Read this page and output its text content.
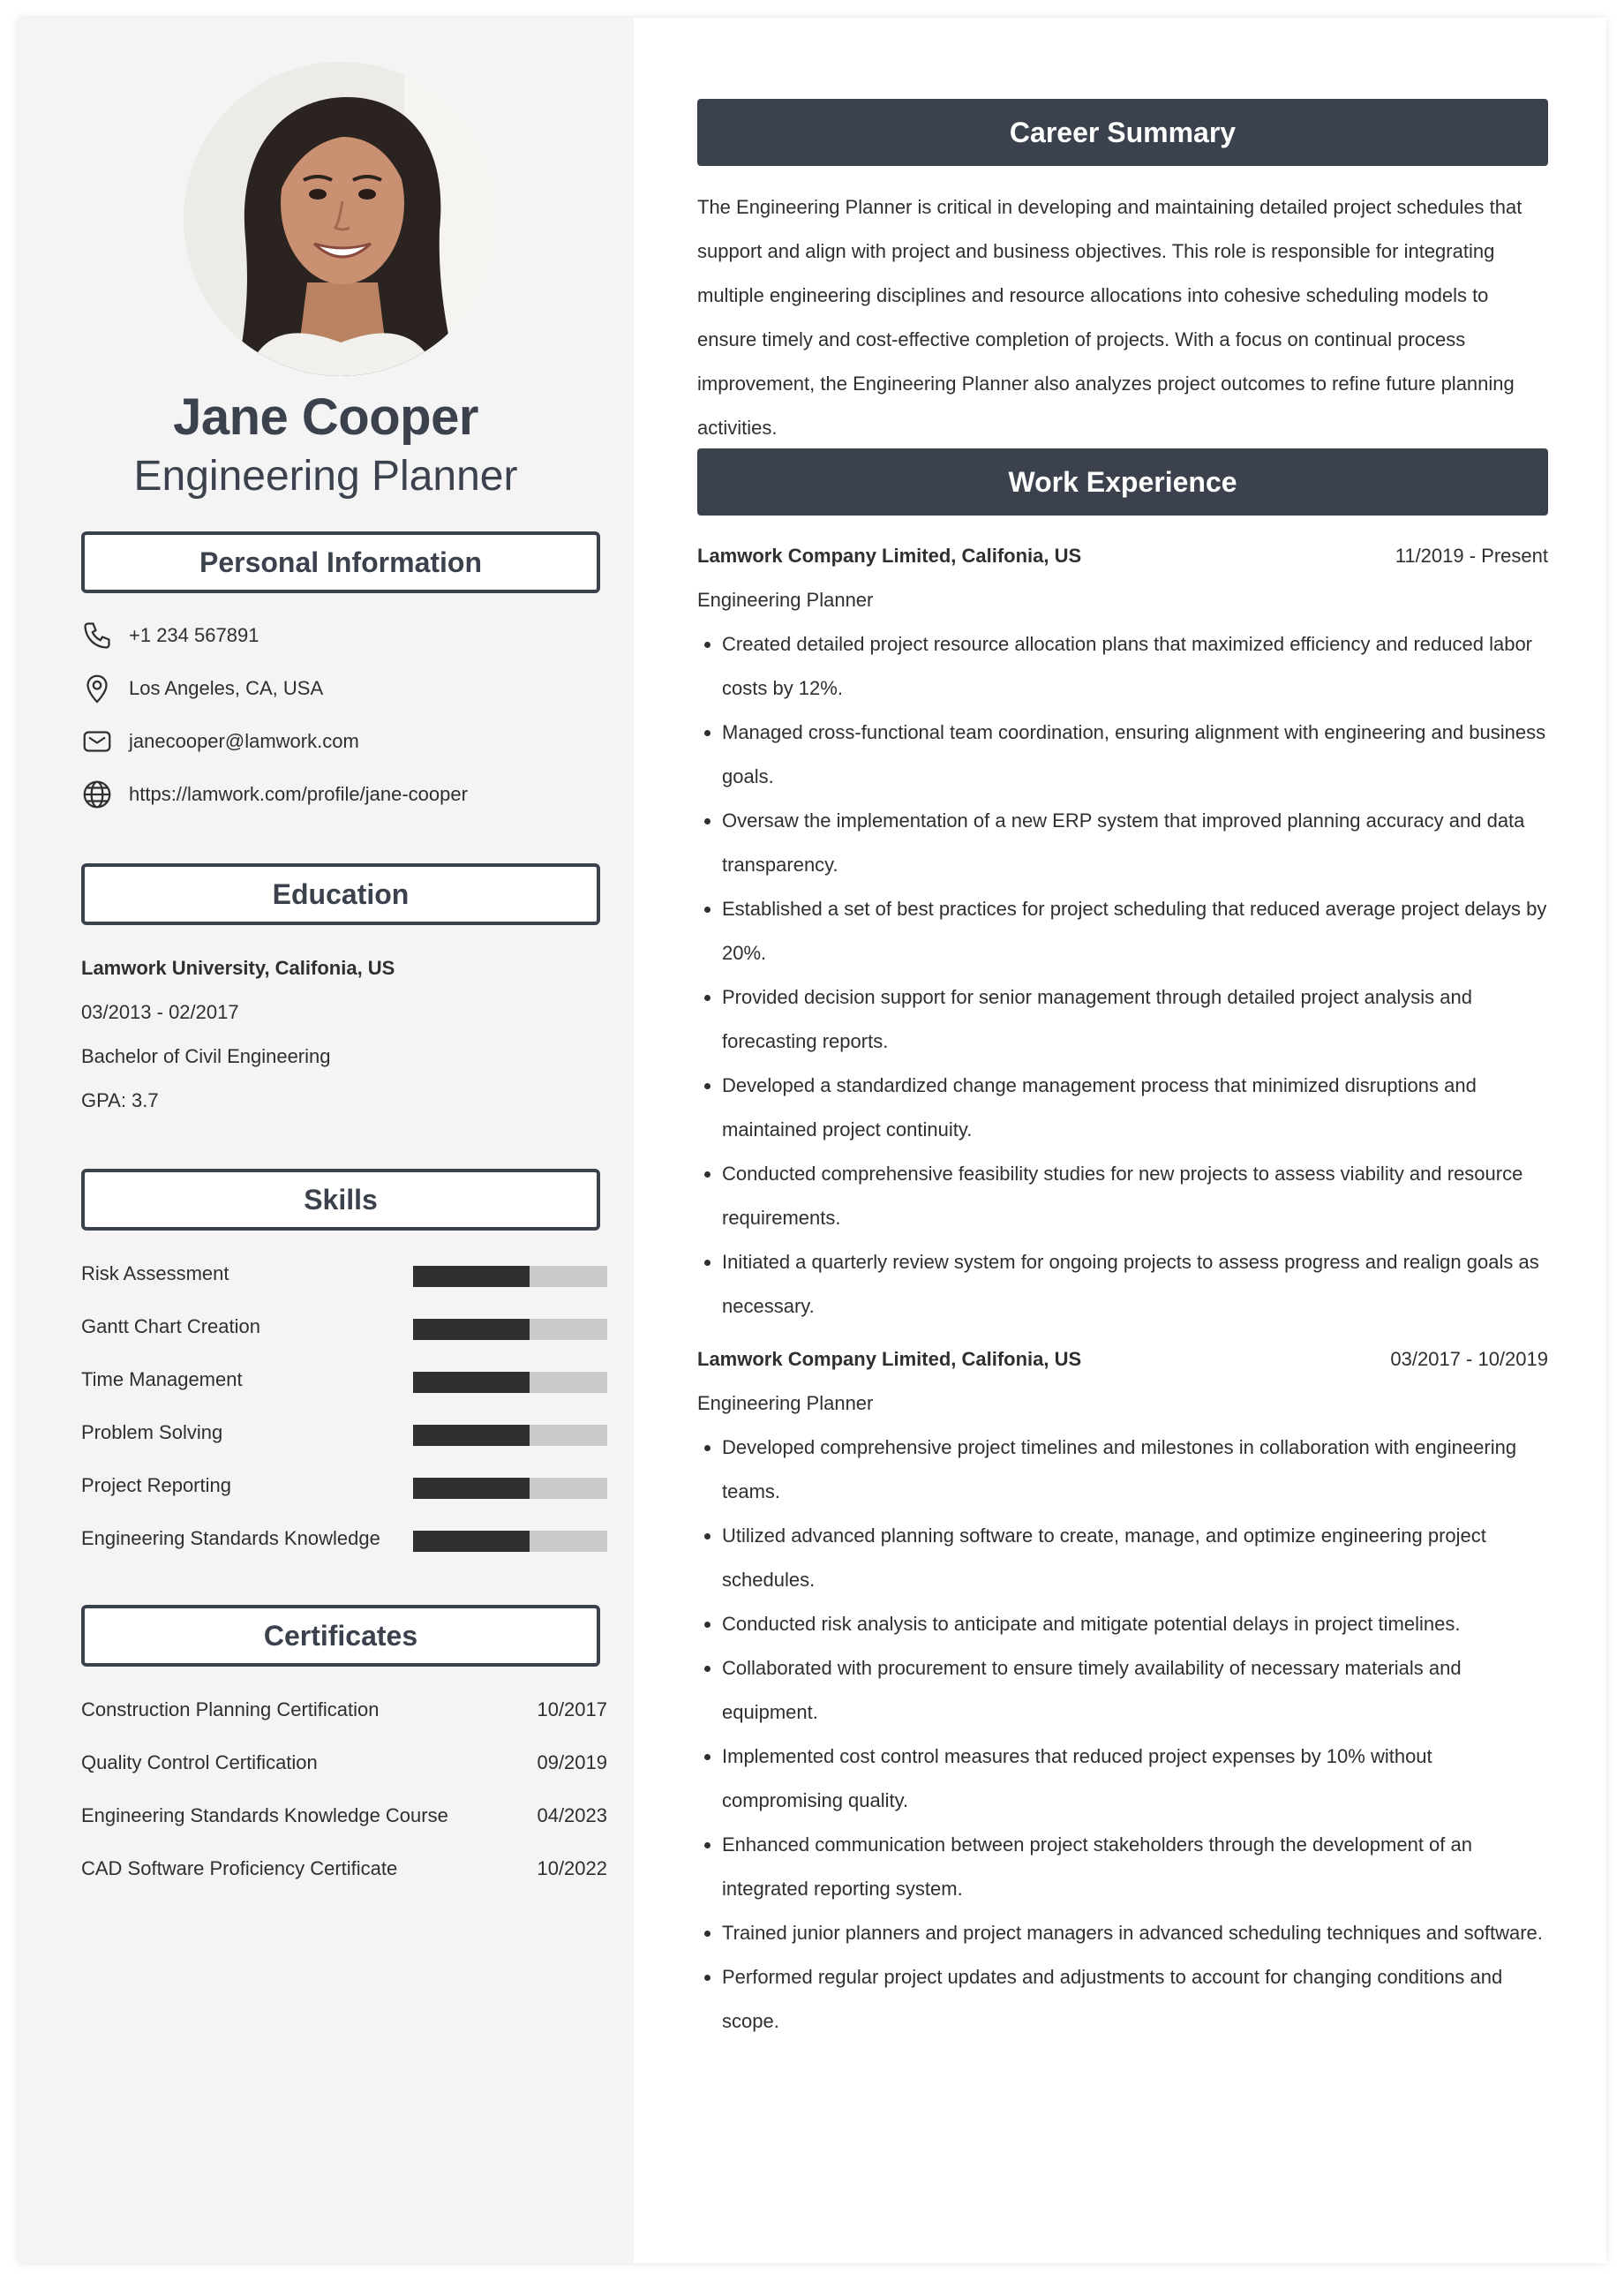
Jane Cooper
Engineering Planner
Personal Information
+1 234 567891
Los Angeles, CA, USA
janecooper@lamwork.com
https://lamwork.com/profile/jane-cooper
Education
Lamwork University, Califonia, US
03/2013 - 02/2017
Bachelor of Civil Engineering
GPA: 3.7
Skills
Risk Assessment
Gantt Chart Creation
Time Management
Problem Solving
Project Reporting
Engineering Standards Knowledge
Certificates
Construction Planning Certification	10/2017
Quality Control Certification	09/2019
Engineering Standards Knowledge Course	04/2023
CAD Software Proficiency Certificate	10/2022
Career Summary
The Engineering Planner is critical in developing and maintaining detailed project schedules that support and align with project and business objectives. This role is responsible for integrating multiple engineering disciplines and resource allocations into cohesive scheduling models to ensure timely and cost-effective completion of projects. With a focus on continual process improvement, the Engineering Planner also analyzes project outcomes to refine future planning activities.
Work Experience
Lamwork Company Limited, Califonia, US	11/2019 - Present
Engineering Planner
Created detailed project resource allocation plans that maximized efficiency and reduced labor costs by 12%.
Managed cross-functional team coordination, ensuring alignment with engineering and business goals.
Oversaw the implementation of a new ERP system that improved planning accuracy and data transparency.
Established a set of best practices for project scheduling that reduced average project delays by 20%.
Provided decision support for senior management through detailed project analysis and forecasting reports.
Developed a standardized change management process that minimized disruptions and maintained project continuity.
Conducted comprehensive feasibility studies for new projects to assess viability and resource requirements.
Initiated a quarterly review system for ongoing projects to assess progress and realign goals as necessary.
Lamwork Company Limited, Califonia, US	03/2017 - 10/2019
Engineering Planner
Developed comprehensive project timelines and milestones in collaboration with engineering teams.
Utilized advanced planning software to create, manage, and optimize engineering project schedules.
Conducted risk analysis to anticipate and mitigate potential delays in project timelines.
Collaborated with procurement to ensure timely availability of necessary materials and equipment.
Implemented cost control measures that reduced project expenses by 10% without compromising quality.
Enhanced communication between project stakeholders through the development of an integrated reporting system.
Trained junior planners and project managers in advanced scheduling techniques and software.
Performed regular project updates and adjustments to account for changing conditions and scope.
